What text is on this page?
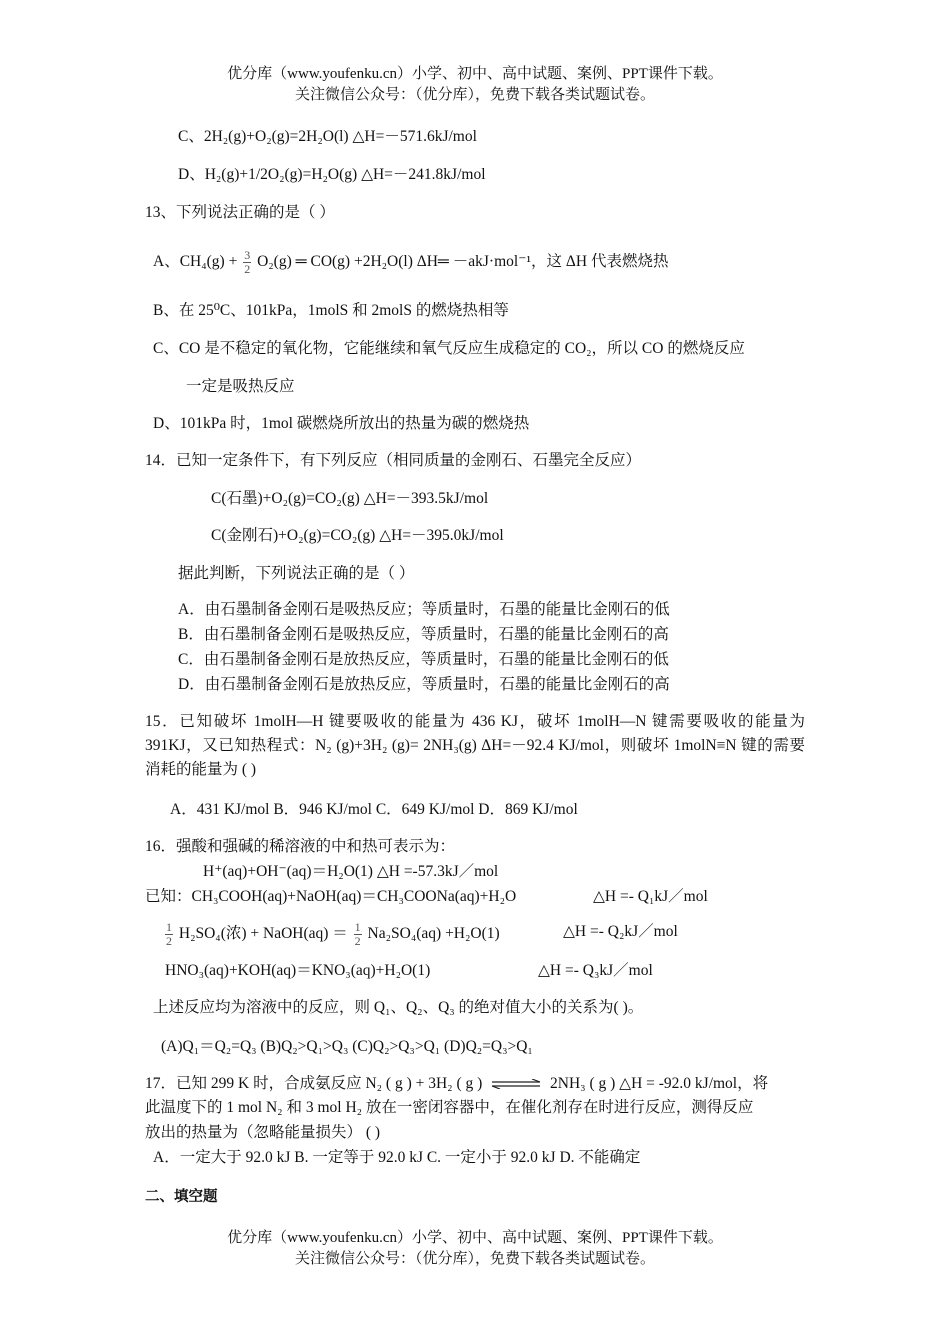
优分库（www.youfenku.cn）小学、初中、高中试题、案例、PPT课件下载。
关注微信公众号：（优分库），免费下载各类试题试卷。
C、2H₂(g)+O₂(g)=2H₂O(l) △H=－571.6kJ/mol
D、H₂(g)+1/2O₂(g)=H₂O(g) △H=－241.8kJ/mol
13、下列说法正确的是（ ）
A、$CH_4(g) + \frac{3}{2} O_2(g)$ ═ CO(g) +2H₂O(l) ΔH═ －akJ·mol⁻¹，这 ΔH 代表燃烧热
B、在 25⁰C、101kPa，1molS 和 2molS 的燃烧热相等
C、CO 是不稳定的氧化物，它能继续和氧气反应生成稳定的 CO₂，所以 CO 的燃烧反应
一定是吸热反应
D、101kPa 时，1mol 碳燃烧所放出的热量为碳的燃烧热
14．已知一定条件下，有下列反应（相同质量的金刚石、石墨完全反应）
C(石墨)+O₂(g)=CO₂(g) △H=－393.5kJ/mol
C(金刚石)+O₂(g)=CO₂(g) △H=－395.0kJ/mol
据此判断，下列说法正确的是（ ）
A．由石墨制备金刚石是吸热反应；等质量时，石墨的能量比金刚石的低
B．由石墨制备金刚石是吸热反应，等质量时，石墨的能量比金刚石的高
C．由石墨制备金刚石是放热反应，等质量时，石墨的能量比金刚石的低
D．由石墨制备金刚石是放热反应，等质量时，石墨的能量比金刚石的高
15．已知破坏 1molH—H 键要吸收的能量为 436 KJ，破坏 1molH—N 键需要吸收的能量为 391KJ，又已知热程式：N₂ (g)+3H₂ (g)= 2NH₃(g) ΔH=－92.4 KJ/mol，则破坏 1molN≡N 键的需要消耗的能量为 ( )
A．431 KJ/mol B．946 KJ/mol C．649 KJ/mol D．869 KJ/mol
16．强酸和强碱的稀溶液的中和热可表示为：
H⁺(aq)+OH⁻(aq)＝H₂O(1) △H =-57.3kJ／mol
已知：CH₃COOH(aq)+NaOH(aq)＝CH₃COONa(aq)+H₂O	△H =- Q₁kJ／mol
$\frac{1}{2} H_2SO_4$(浓) + NaOH(aq) ＝ $\frac{1}{2} Na_2SO_4(aq) +H_2O(1)$	△H =- Q₂kJ／mol
HNO₃(aq)+KOH(aq)＝KNO₃(aq)+H₂O(1)	△H =- Q₃kJ／mol
上述反应均为溶液中的反应，则 Q₁、Q₂、Q₃ 的绝对值大小的关系为( )。
(A)Q₁＝Q₂=Q₃ (B)Q₂>Q₁>Q₃ (C)Q₂>Q₃>Q₁ (D)Q₂=Q₃>Q₁
17．已知 299 K 时，合成氨反应 N₂ ( g ) + 3H₂ ( g ) ⇌ 2NH₃ ( g ) △H = -92.0 kJ/mol，将
此温度下的 1 mol N₂ 和 3 mol H₂ 放在一密闭容器中，在催化剂存在时进行反应，测得反应
放出的热量为（忽略能量损失） ( )
A．一定大于 92.0 kJ B. 一定等于 92.0 kJ C. 一定小于 92.0 kJ D. 不能确定
二、填空题
优分库（www.youfenku.cn）小学、初中、高中试题、案例、PPT课件下载。
关注微信公众号：（优分库），免费下载各类试题试卷。
